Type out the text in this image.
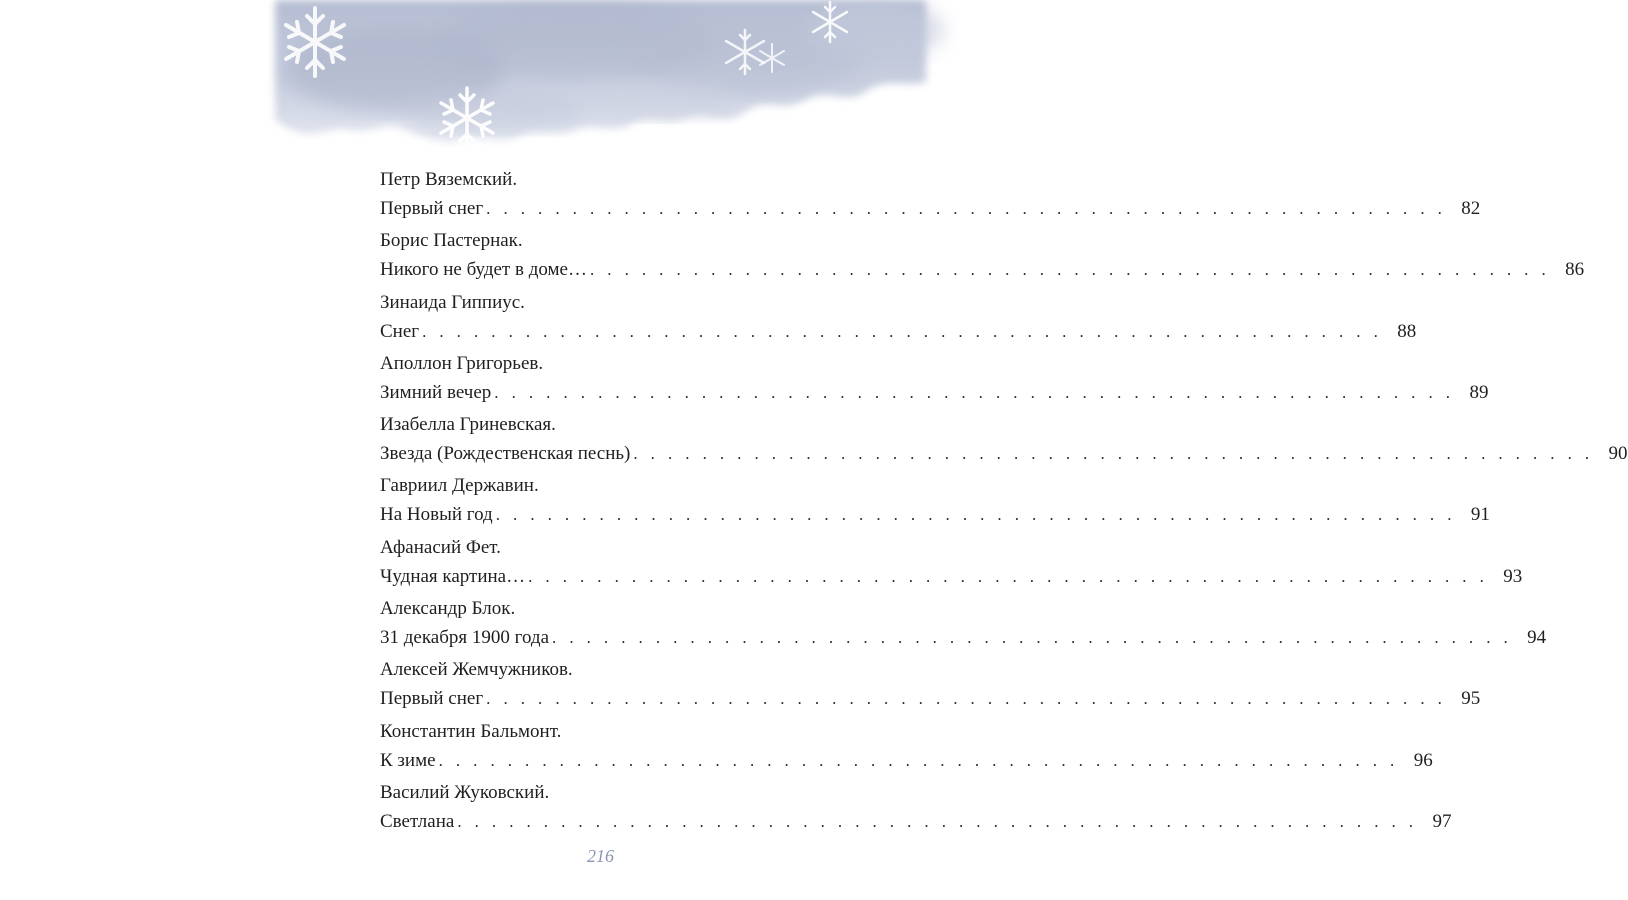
Петр Вяземский.
Первый снег . . . . . . . . . . . . . . . . . . . . . . . . . . . . . . . . . . . . . . . . . . . . . . . . . . . . . . . . 82
Борис Пастернак.
Никого не будет в доме… . . . . . . . . . . . . . . . . . . . . . . . . . . . . . . . . . . . . . . . . . . . . . . . . . . . . . . . . 86
Зинаида Гиппиус.
Снег . . . . . . . . . . . . . . . . . . . . . . . . . . . . . . . . . . . . . . . . . . . . . . . . . . . . . . . . 88
Аполлон Григорьев.
Зимний вечер . . . . . . . . . . . . . . . . . . . . . . . . . . . . . . . . . . . . . . . . . . . . . . . . . . . . . . . . 89
Изабелла Гриневская.
Звезда (Рождественская песнь) . . . . . . . . . . . . . . . . . . . . . . . . . . . . . . . . . . . . . . . . . . . . . . . . . . . . . . . . 90
Гавриил Державин.
На Новый год . . . . . . . . . . . . . . . . . . . . . . . . . . . . . . . . . . . . . . . . . . . . . . . . . . . . . . . . 91
Афанасий Фет.
Чудная картина… . . . . . . . . . . . . . . . . . . . . . . . . . . . . . . . . . . . . . . . . . . . . . . . . . . . . . . . . 93
Александр Блок.
31 декабря 1900 года . . . . . . . . . . . . . . . . . . . . . . . . . . . . . . . . . . . . . . . . . . . . . . . . . . . . . . . . 94
Алексей Жемчужников.
Первый снег . . . . . . . . . . . . . . . . . . . . . . . . . . . . . . . . . . . . . . . . . . . . . . . . . . . . . . . . 95
Константин Бальмонт.
К зиме . . . . . . . . . . . . . . . . . . . . . . . . . . . . . . . . . . . . . . . . . . . . . . . . . . . . . . . . 96
Василий Жуковский.
Светлана . . . . . . . . . . . . . . . . . . . . . . . . . . . . . . . . . . . . . . . . . . . . . . . . . . . . . . . . 97
216
